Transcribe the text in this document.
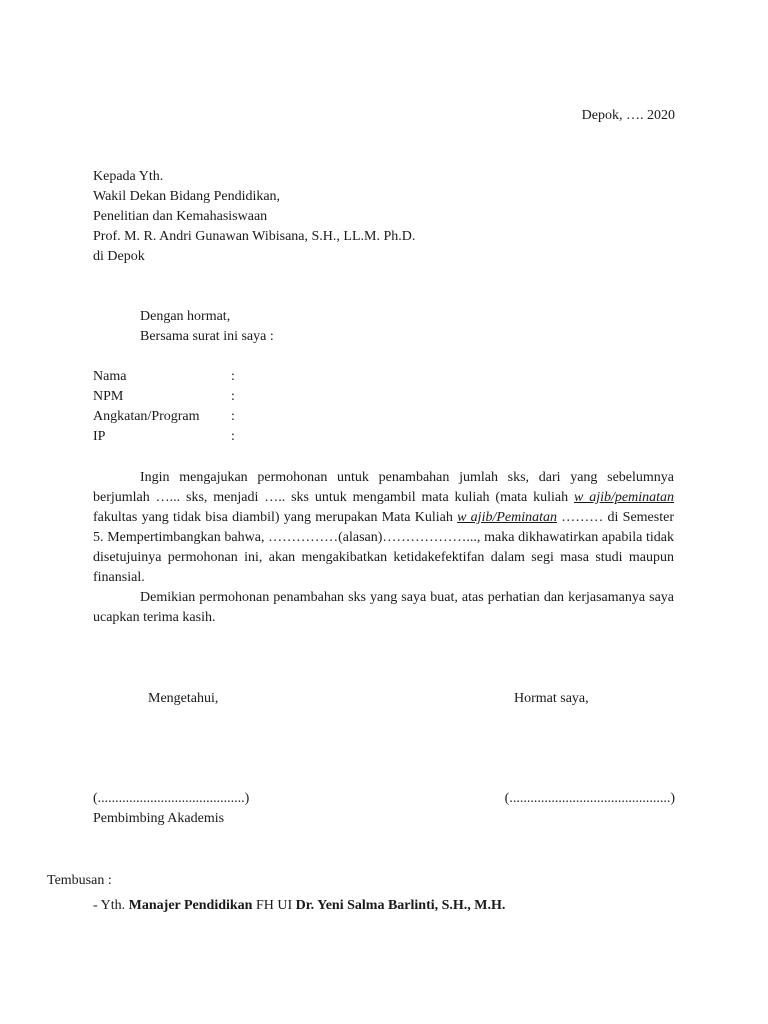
Depok, …. 2020
Kepada Yth.
Wakil Dekan Bidang Pendidikan,
Penelitian dan Kemahasiswaan
Prof. M. R. Andri Gunawan Wibisana, S.H., LL.M. Ph.D.
di Depok
Dengan hormat,
Bersama surat ini saya :
Nama	:
NPM	:
Angkatan/Program	:
IP	:

Ingin mengajukan permohonan untuk penambahan jumlah sks, dari yang sebelumnya berjumlah …... sks, menjadi ….. sks untuk mengambil mata kuliah (mata kuliah w ajib/peminatan fakultas yang tidak bisa diambil) yang merupakan Mata Kuliah w ajib/Peminatan ……… di Semester 5. Mempertimbangkan bahwa, ……………(alasan)………………..., maka dikhawatirkan apabila tidak disetujuinya permohonan ini, akan mengakibatkan ketidakefektifan dalam segi masa studi maupun finansial.

Demikian permohonan penambahan sks yang saya buat, atas perhatian dan kerjasamanya saya ucapkan terima kasih.

Mengetahui,	Hormat saya,
(..........................................)	(..............................................)
Pembimbing Akademis
Tembusan :
- Yth. Manajer Pendidikan FH UI Dr. Yeni Salma Barlinti, S.H., M.H.
